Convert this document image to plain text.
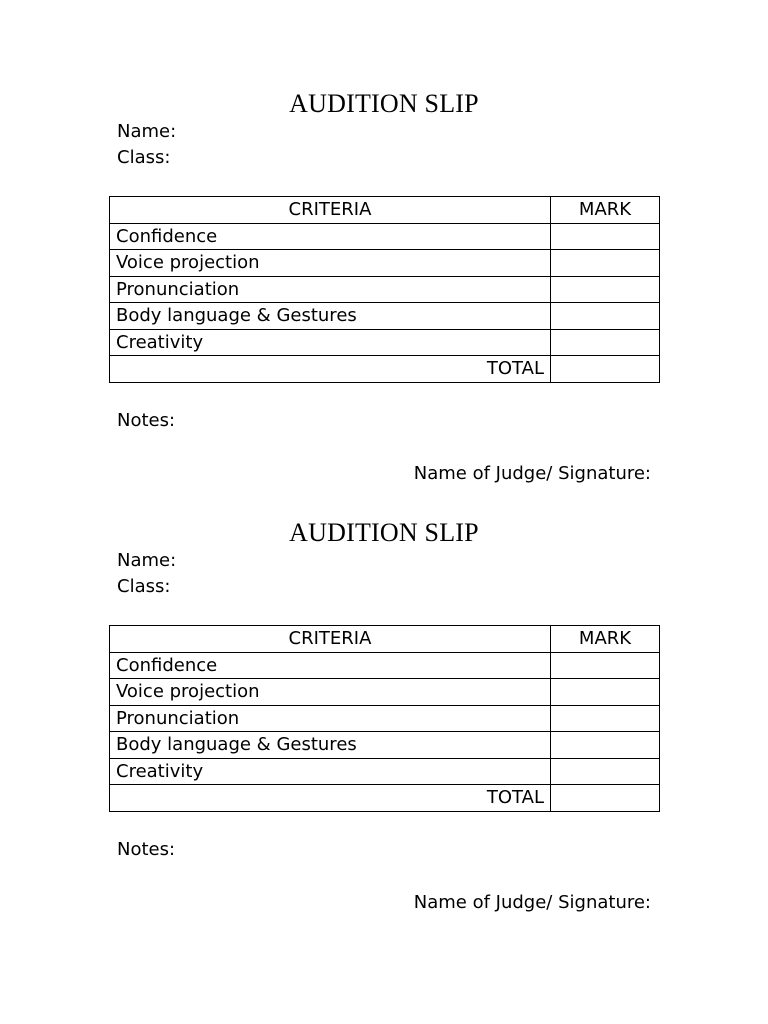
AUDITION SLIP
Name:
Class:
CRITERIA	MARK
Confidence	
Voice projection	
Pronunciation	
Body language & Gestures	
Creativity	
TOTAL	
Notes:
Name of Judge/ Signature:
AUDITION SLIP
Name:
Class:
CRITERIA	MARK
Confidence	
Voice projection	
Pronunciation	
Body language & Gestures	
Creativity	
TOTAL	
Notes:
Name of Judge/ Signature:
